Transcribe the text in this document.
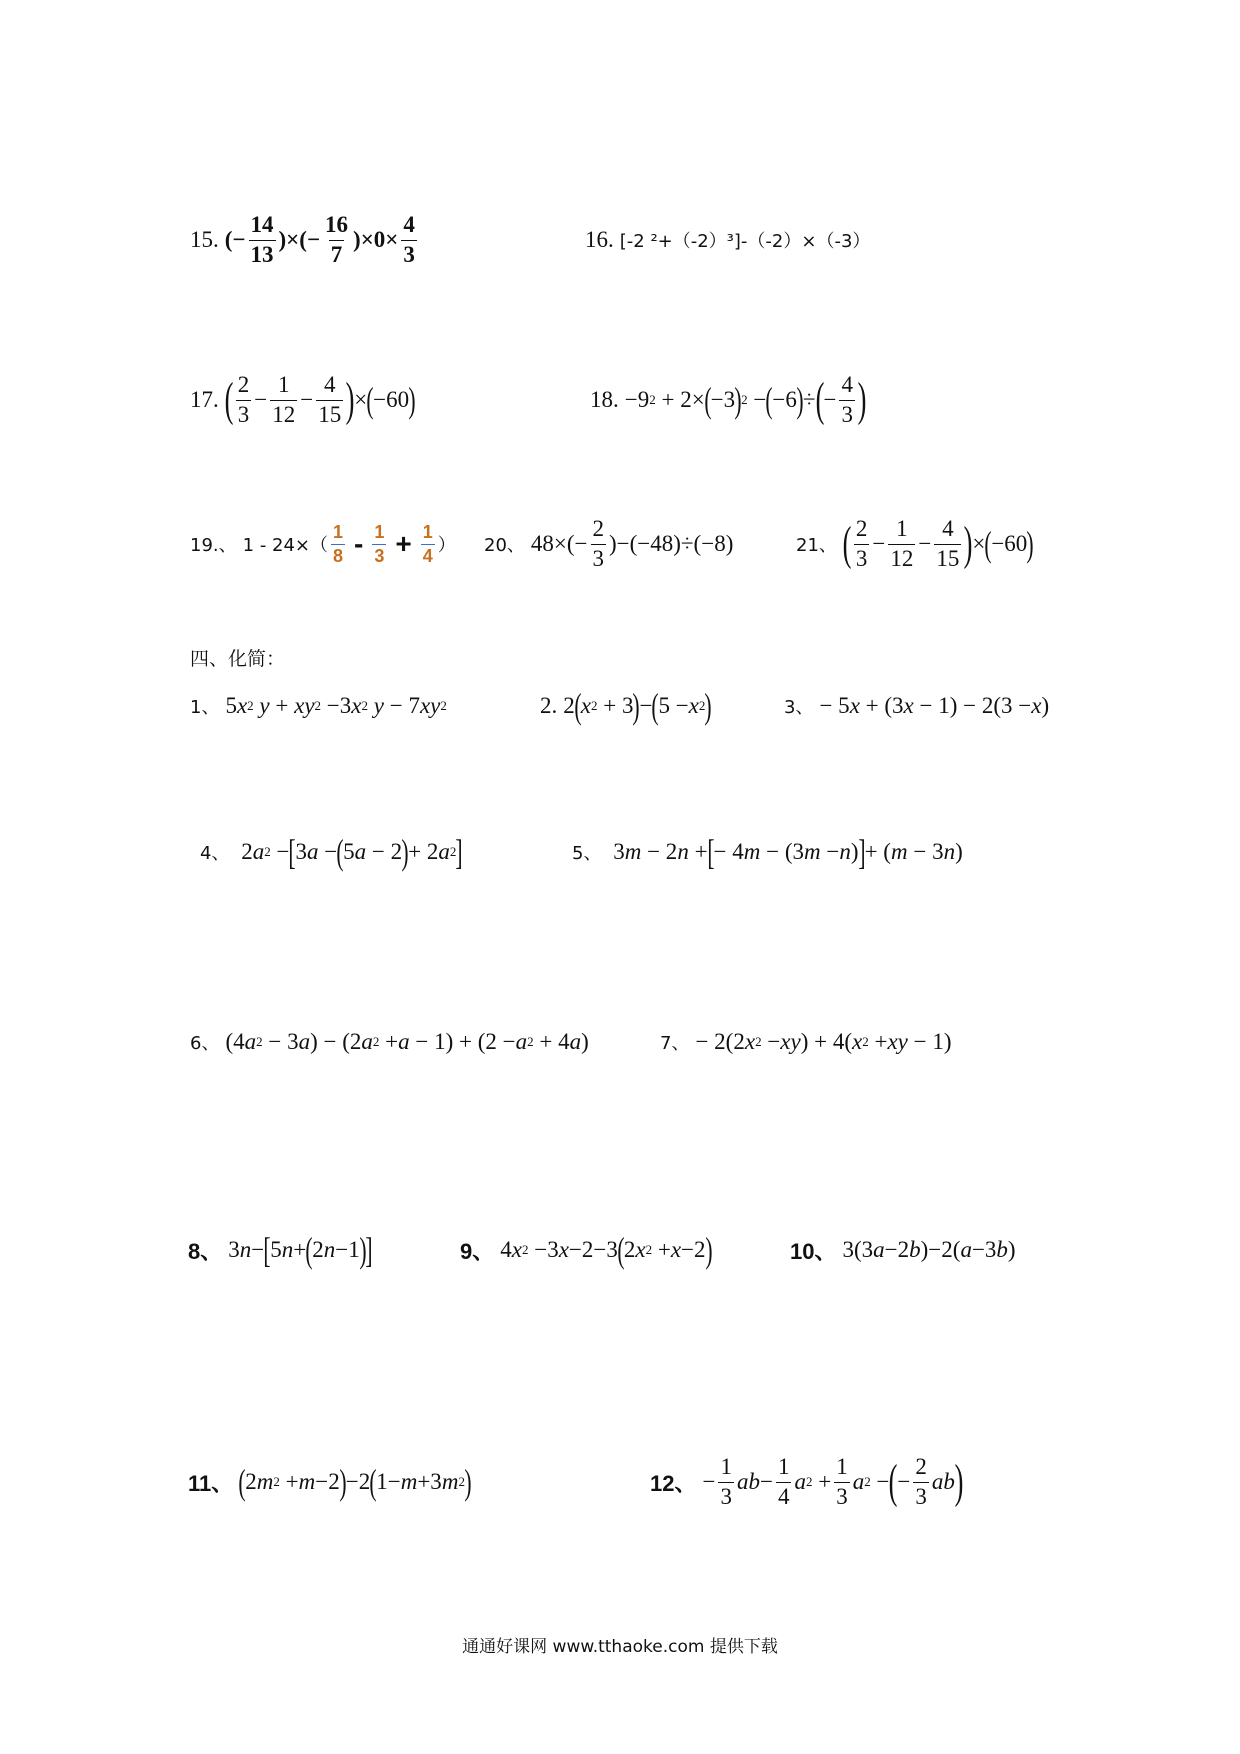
15. (− $\frac{14}{13}$ )×(− $\frac{16}{7} )\times 0\times \frac{4}{3}$	16. [-2 ²+（-2）³]-（-2）×（-3）
17. ( $\frac{2}{3} - \frac{1}{12} - \frac{4}{15}$ ) × ( −60 )	18. −9 2 + 2× ( −3 ) 2 − ( −6 ) ÷ ( − $\frac{4}{3}$ )
19.、 $1 - 24\times( \frac{1}{8} - \frac{1}{3} + \frac{1}{4}$ ） 20、 $48\times(- \frac{2}{3} )-(-48)\div(-8)$	21、 ( $\frac{2}{3} - \frac{1}{12} - \frac{4}{15}$ ) × ( −60 )
四、化简：
1、 5 x 2
y + xy 2 −3 x 2
y − 7 xy 2	2. 2 ( x 2 + 3 ) − ( 5 − x 2 )	3、 − 5 x + (3 x − 1) − 2(3 − x )
4、 2 a 2 − [ 3 a − ( 5 a − 2 ) + 2 a 2 ]	5、 3 m − 2 n + [ − 4 m − (3 m − n ) ] + ( m − 3 n )
6、 (4 a 2 − 3 a ) − (2 a 2 + a − 1) + (2 − a 2 + 4 a )	7、 − 2(2 x 2 − xy ) + 4( x 2 + xy − 1)
8、 3 n − [ 5 n + ( 2 n −1 )
]	9、 4 x 2 −3 x −2−3 ( 2 x 2 + x −2 )	10、 3(3 a −2 b )−2( a −3 b )
11、 ( 2 m 2 + m −2 ) −2 ( 1− m +3 m 2 )	12、 − $\frac{1}{3}$ ab − $\frac{1}{4}$ a $2 + \frac{1}{3}$ a 2 − ( − $\frac{2}{3}$ ab )
通通好课网 www.tthaoke.com 提供下载
